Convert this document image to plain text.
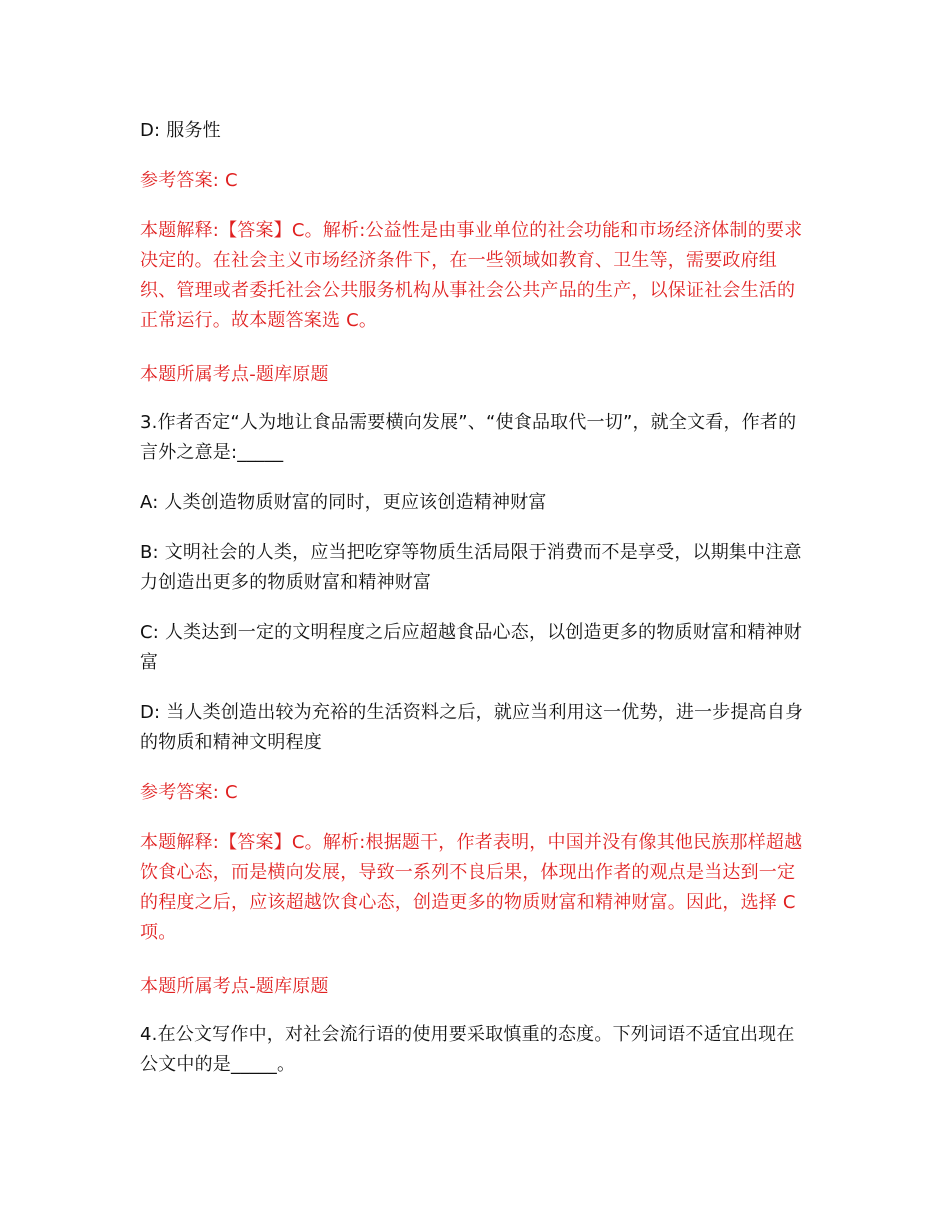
D: 服务性
参考答案: C
本题解释:【答案】C。解析:公益性是由事业单位的社会功能和市场经济体制的要求决定的。在社会主义市场经济条件下，在一些领域如教育、卫生等，需要政府组织、管理或者委托社会公共服务机构从事社会公共产品的生产，以保证社会生活的正常运行。故本题答案选 C。
本题所属考点-题库原题
3.作者否定“人为地让食品需要横向发展”、“使食品取代一切”，就全文看，作者的言外之意是:_____
A: 人类创造物质财富的同时，更应该创造精神财富
B: 文明社会的人类，应当把吃穿等物质生活局限于消费而不是享受，以期集中注意力创造出更多的物质财富和精神财富
C: 人类达到一定的文明程度之后应超越食品心态，以创造更多的物质财富和精神财富
D: 当人类创造出较为充裕的生活资料之后，就应当利用这一优势，进一步提高自身的物质和精神文明程度
参考答案: C
本题解释:【答案】C。解析:根据题干，作者表明，中国并没有像其他民族那样超越饮食心态，而是横向发展，导致一系列不良后果，体现出作者的观点是当达到一定的程度之后，应该超越饮食心态，创造更多的物质财富和精神财富。因此，选择 C 项。
本题所属考点-题库原题
4.在公文写作中，对社会流行语的使用要采取慎重的态度。下列词语不适宜出现在公文中的是_____。
